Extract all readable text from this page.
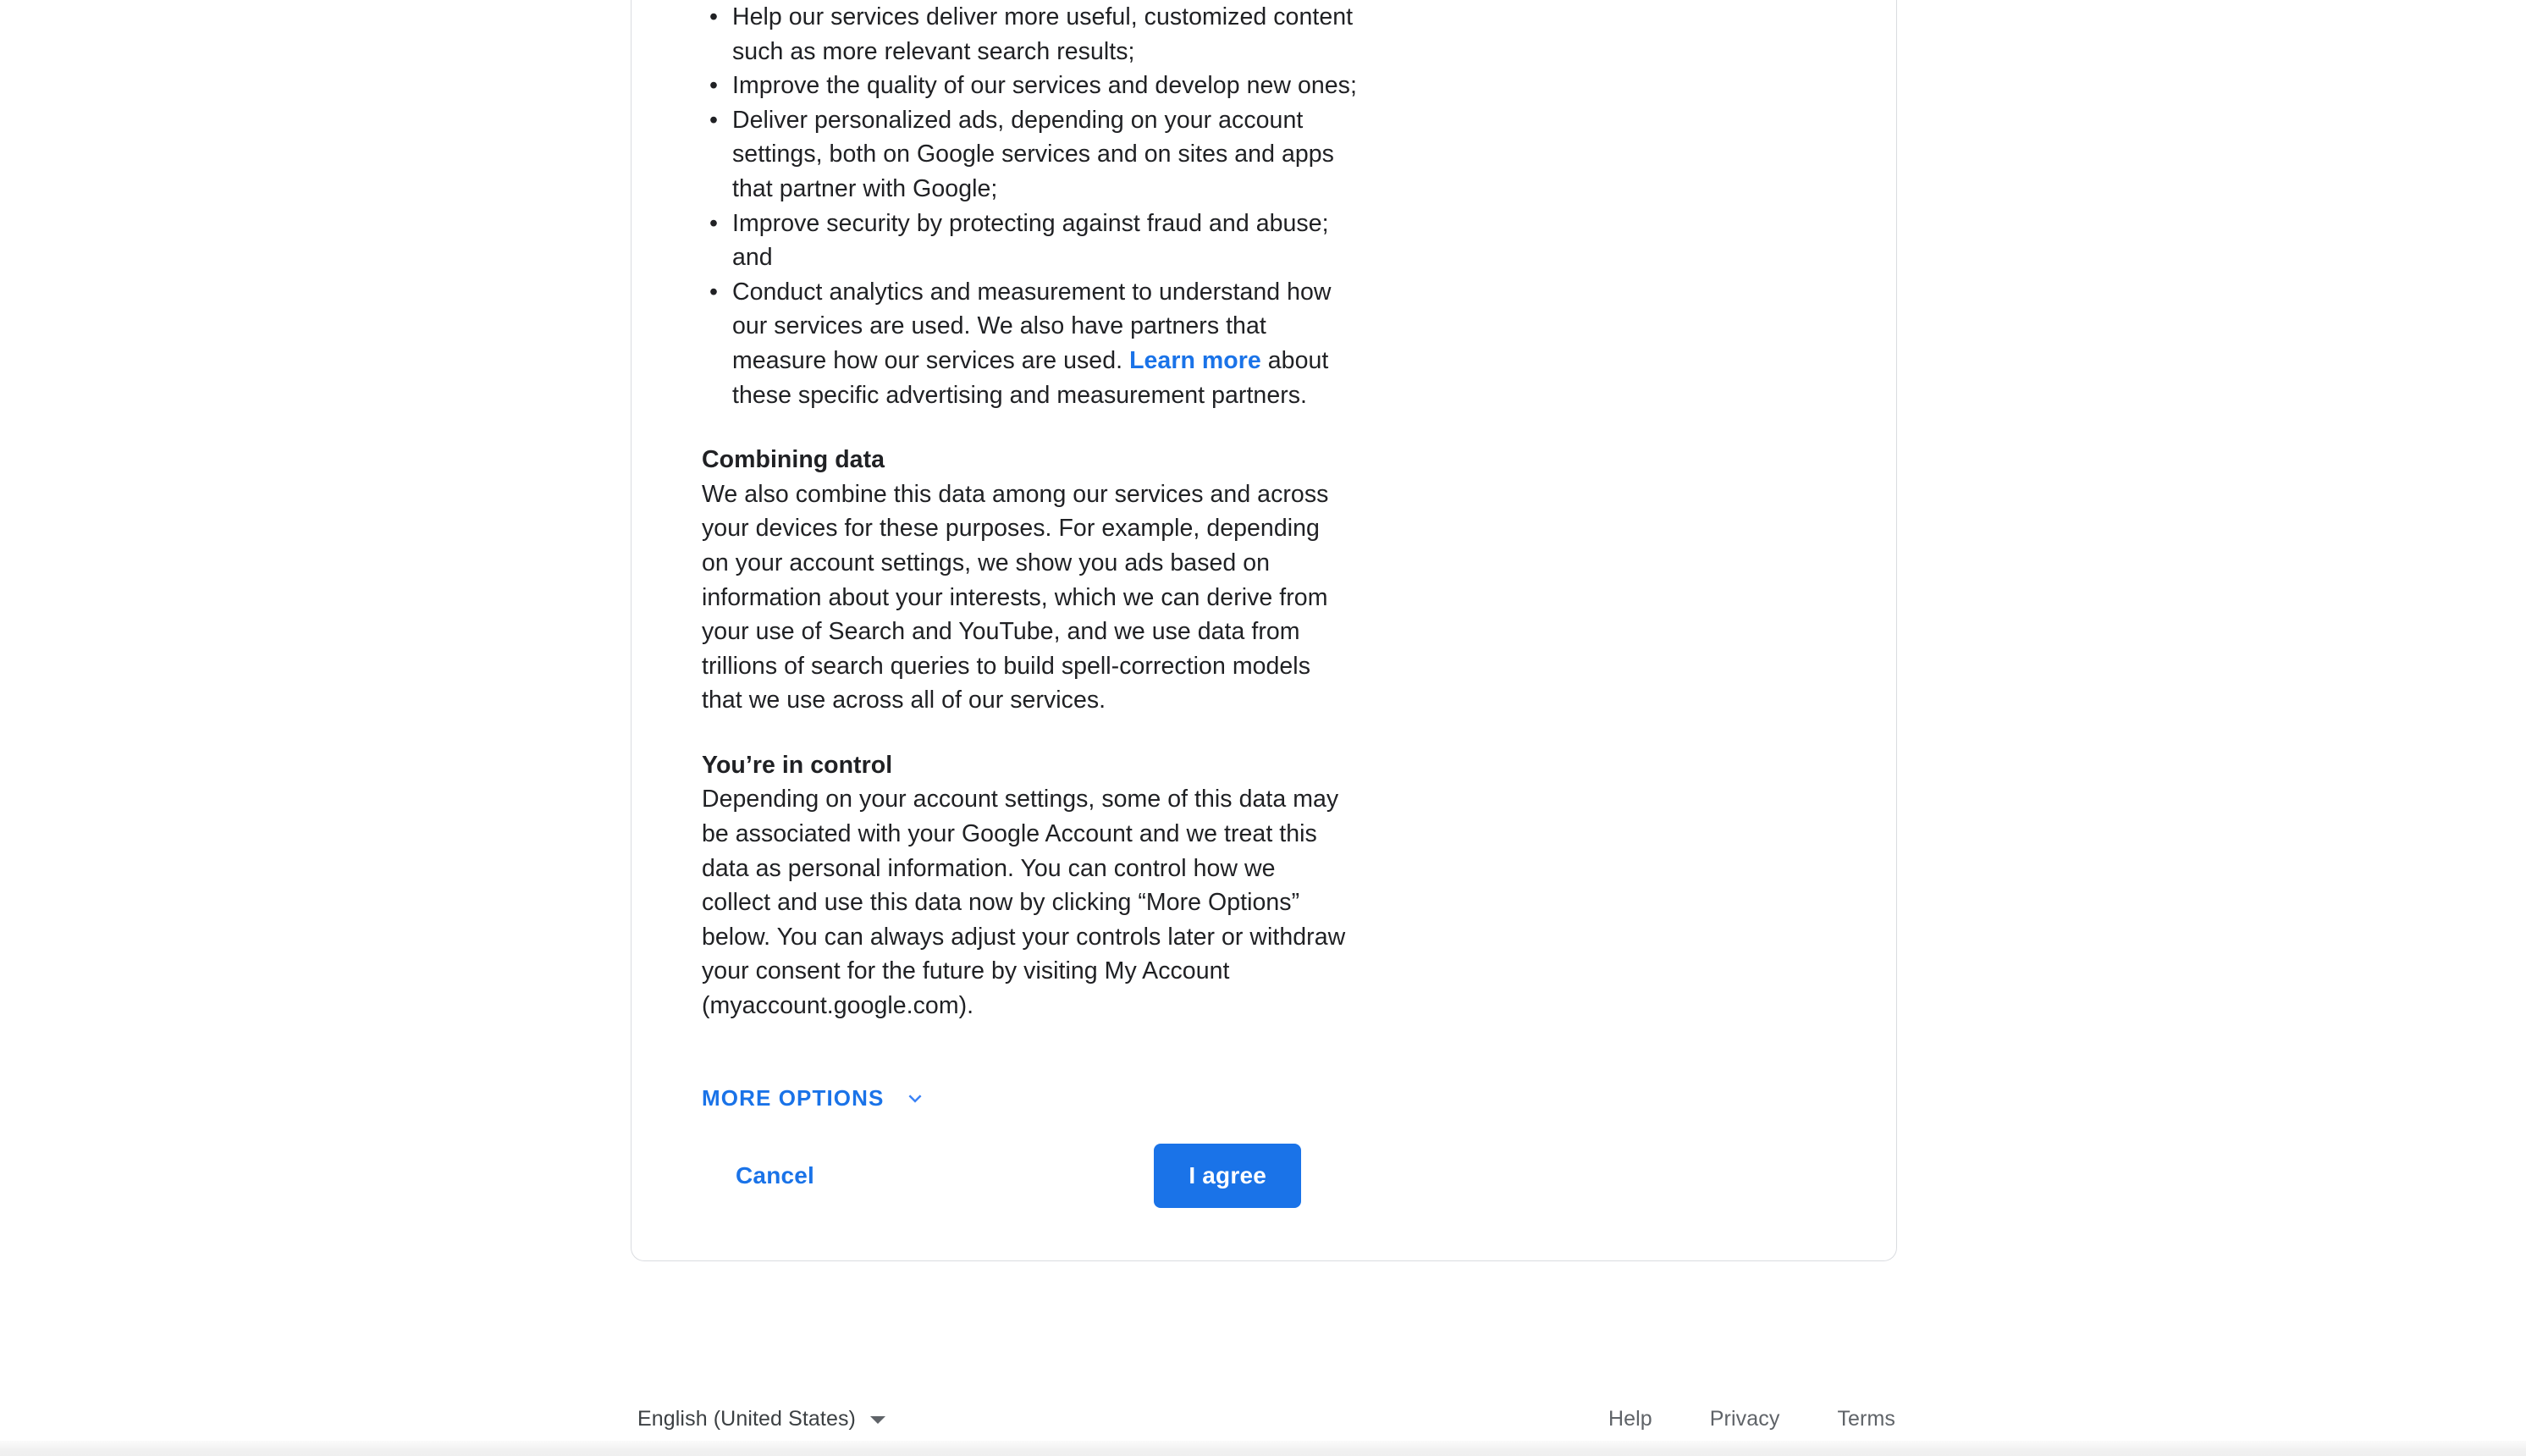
• Help our services deliver more useful, customized content such as more relevant search results;
• Improve the quality of our services and develop new ones;
• Deliver personalized ads, depending on your account settings, both on Google services and on sites and apps that partner with Google;
• Improve security by protecting against fraud and abuse; and
• Conduct analytics and measurement to understand how our services are used. We also have partners that measure how our services are used. Learn more about these specific advertising and measurement partners.
Combining data
We also combine this data among our services and across your devices for these purposes. For example, depending on your account settings, we show you ads based on information about your interests, which we can derive from your use of Search and YouTube, and we use data from trillions of search queries to build spell-correction models that we use across all of our services.
You’re in control
Depending on your account settings, some of this data may be associated with your Google Account and we treat this data as personal information. You can control how we collect and use this data now by clicking “More Options” below. You can always adjust your controls later or withdraw your consent for the future by visiting My Account (myaccount.google.com).
MORE OPTIONS
Cancel	I agree
English (United States)	Help	Privacy	Terms
